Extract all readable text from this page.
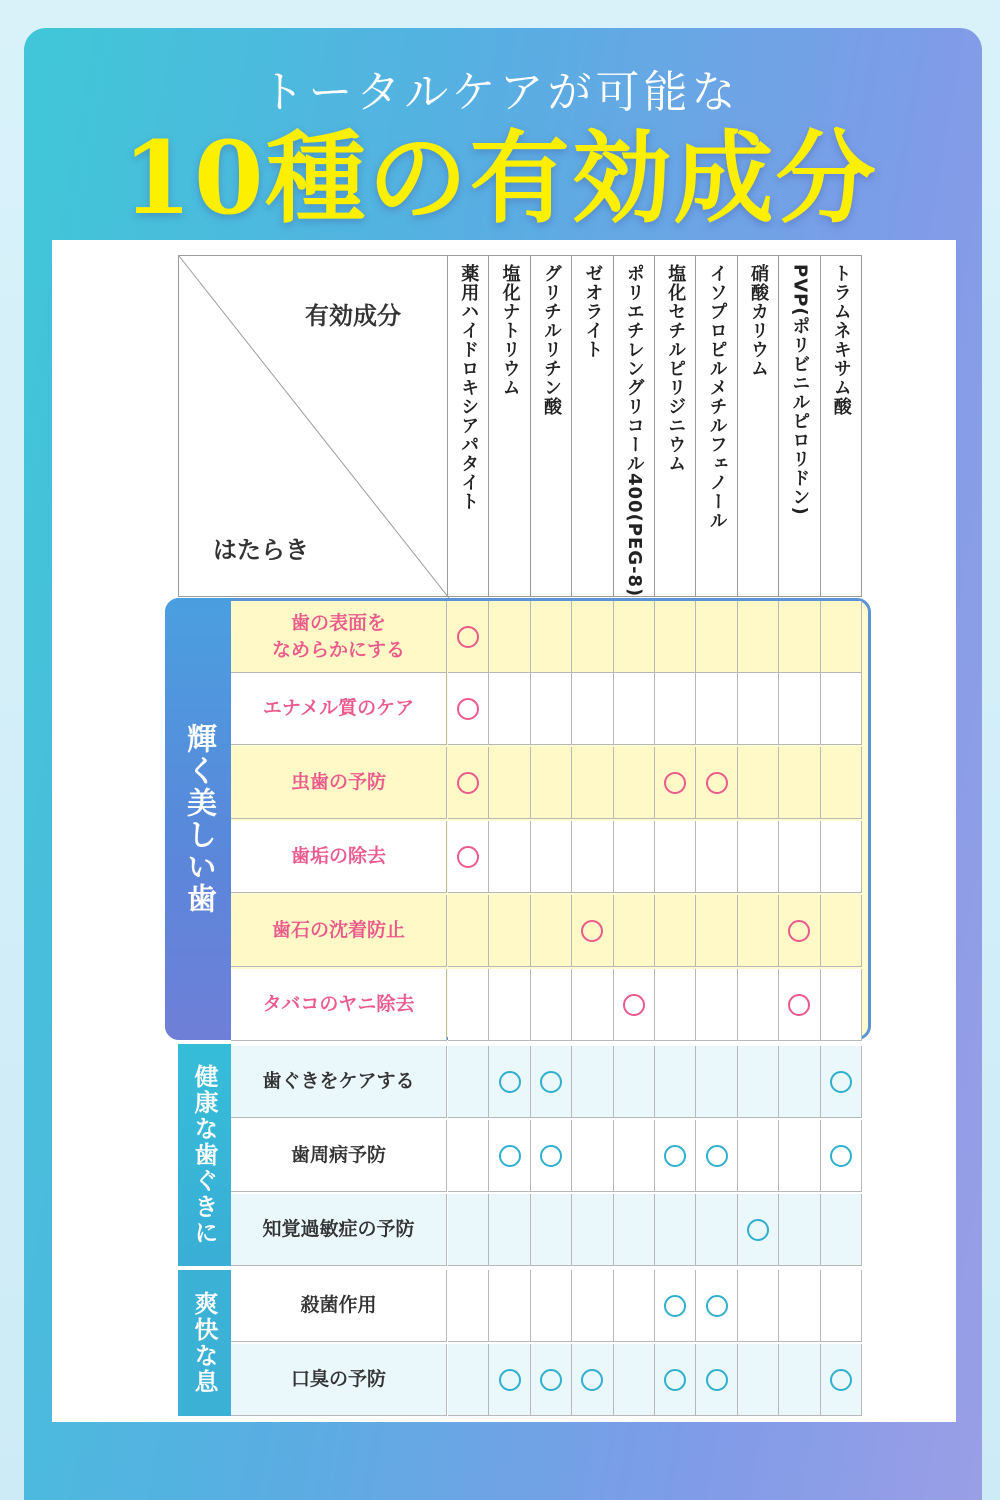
トータルケアが可能な
10種の有効成分
有効成分
はたらき
薬用ハイドロキシアパタイト 塩化ナトリウム グリチルリチン酸 ゼオライト ポリエチレングリコール400(PEG-8) 塩化セチルピリジニウム イソプロピルメチルフェノール 硝酸カリウム PVP(ポリビニルピロリドン) トラムネキサム酸
歯の表面を
なめらかにする
エナメル質のケア
虫歯の予防
歯垢の除去
歯石の沈着防止
タバコのヤニ除去
歯ぐきをケアする
歯周病予防
知覚過敏症の予防
殺菌作用
口臭の予防
輝く美しい歯
健康な歯ぐきに
爽快な息
